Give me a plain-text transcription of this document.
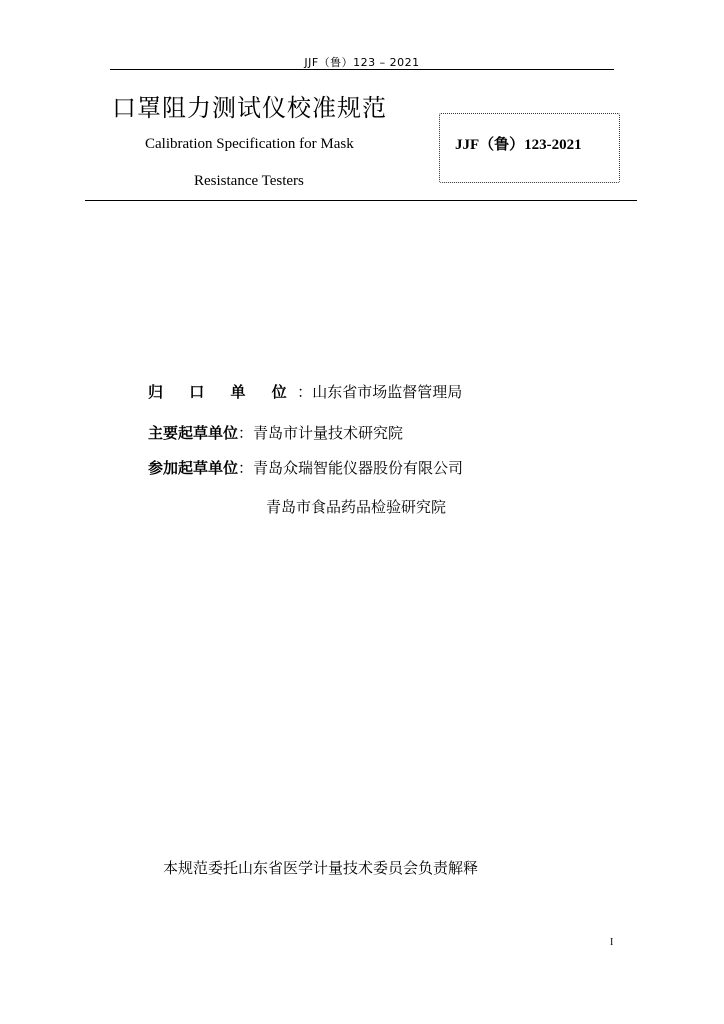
JJF（鲁）123 – 2021
口罩阻力测试仪校准规范
Calibration Specification for Mask
Resistance Testers
JJF（鲁）123-2021
归 口 单 位 ： 山东省市场监督管理局
主要起草单位 ： 青岛市计量技术研究院
参加起草单位 ： 青岛众瑞智能仪器股份有限公司
青岛市食品药品检验研究院
本规范委托山东省医学计量技术委员会负责解释
I
